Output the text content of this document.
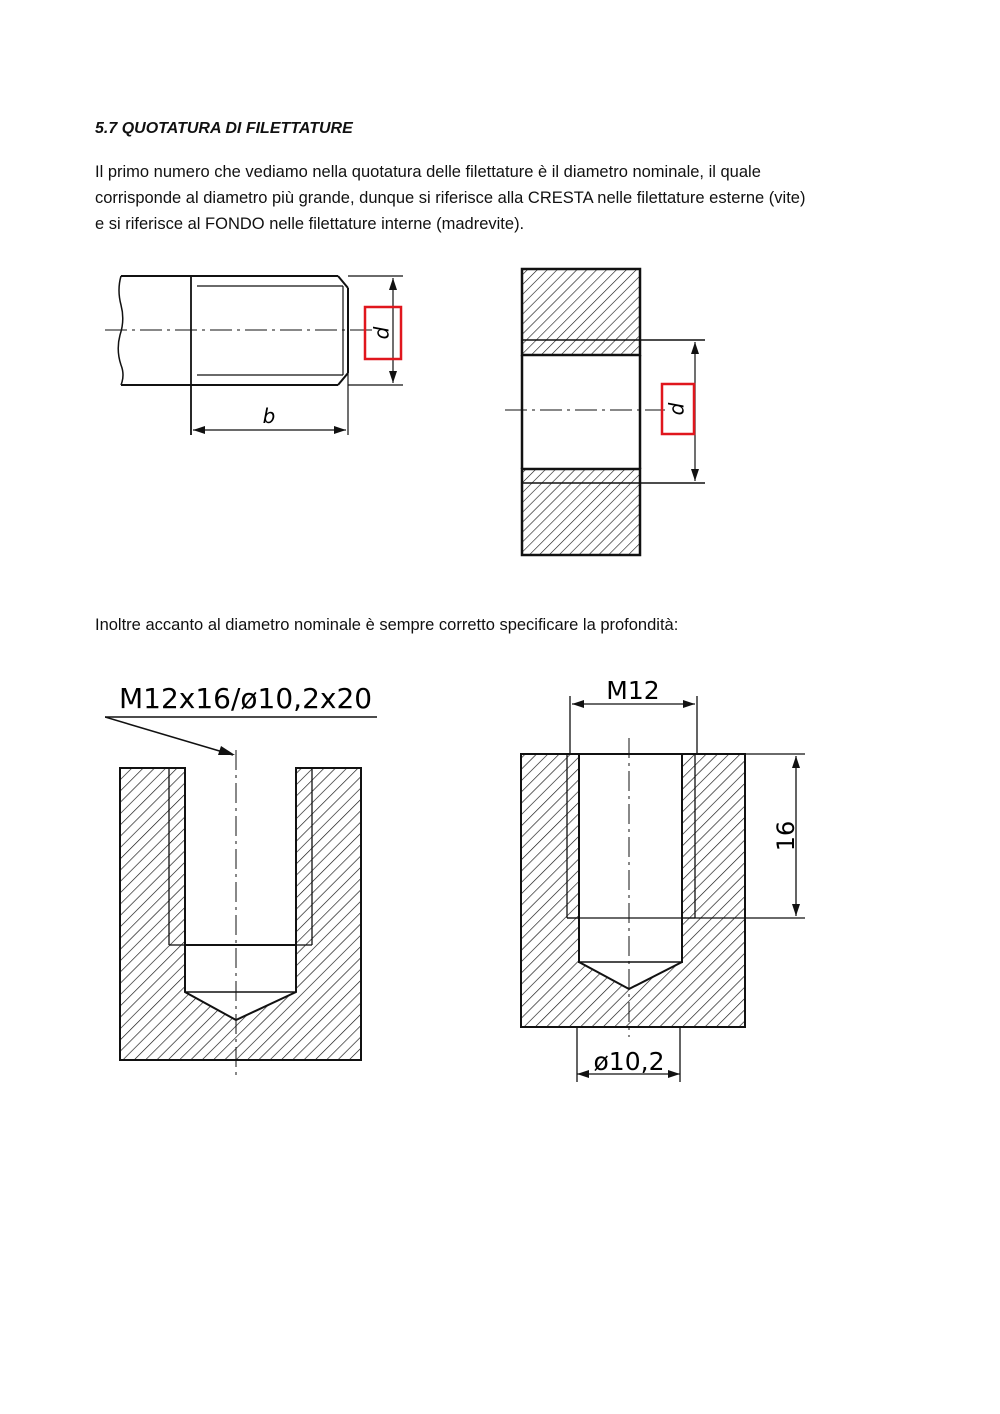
5.7 QUOTATURA DI FILETTATURE

Il primo numero che vediamo nella quotatura delle filettature è il diametro nominale, il quale
corrisponde al diametro più grande, dunque si riferisce alla CRESTA nelle filettature esterne (vite)
e si riferisce al FONDO nelle filettature interne (madrevite).

d
b	d

Inoltre accanto al diametro nominale è sempre corretto specificare la profondità:

M12x16/ø10,2x20	M12
16
ø10,2
